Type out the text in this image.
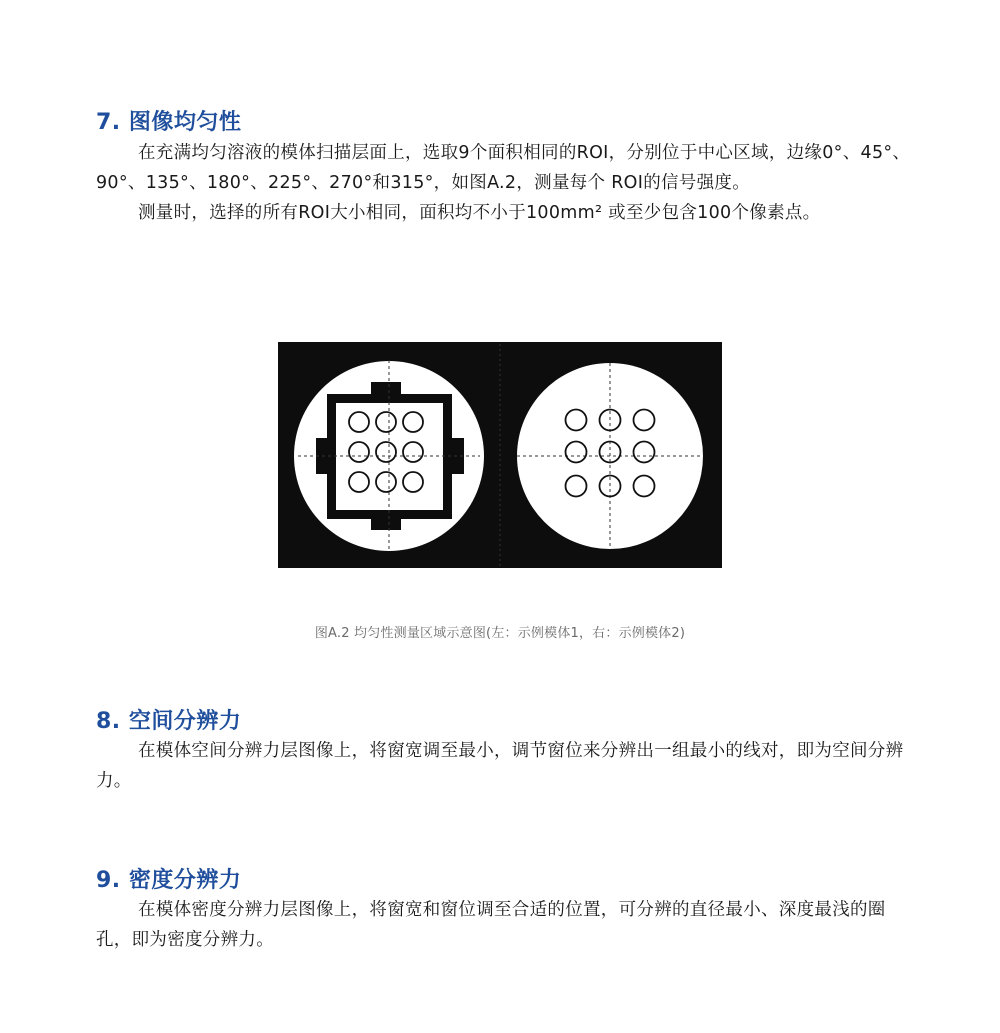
7. 图像均匀性

在充满均匀溶液的模体扫描层面上，选取9个面积相同的ROI，分别位于中心区域，边缘0°、45°、90°、135°、180°、225°、270°和315°，如图A.2，测量每个 ROI的信号强度。

测量时，选择的所有ROI大小相同，面积均不小于100mm² 或至少包含100个像素点。

图A.2 均匀性测量区域示意图(左：示例模体1，右：示例模体2)
8. 空间分辨力

在模体空间分辨力层图像上，将窗宽调至最小，调节窗位来分辨出一组最小的线对，即为空间分辨力。

9. 密度分辨力

在模体密度分辨力层图像上，将窗宽和窗位调至合适的位置，可分辨的直径最小、深度最浅的圈孔，即为密度分辨力。
